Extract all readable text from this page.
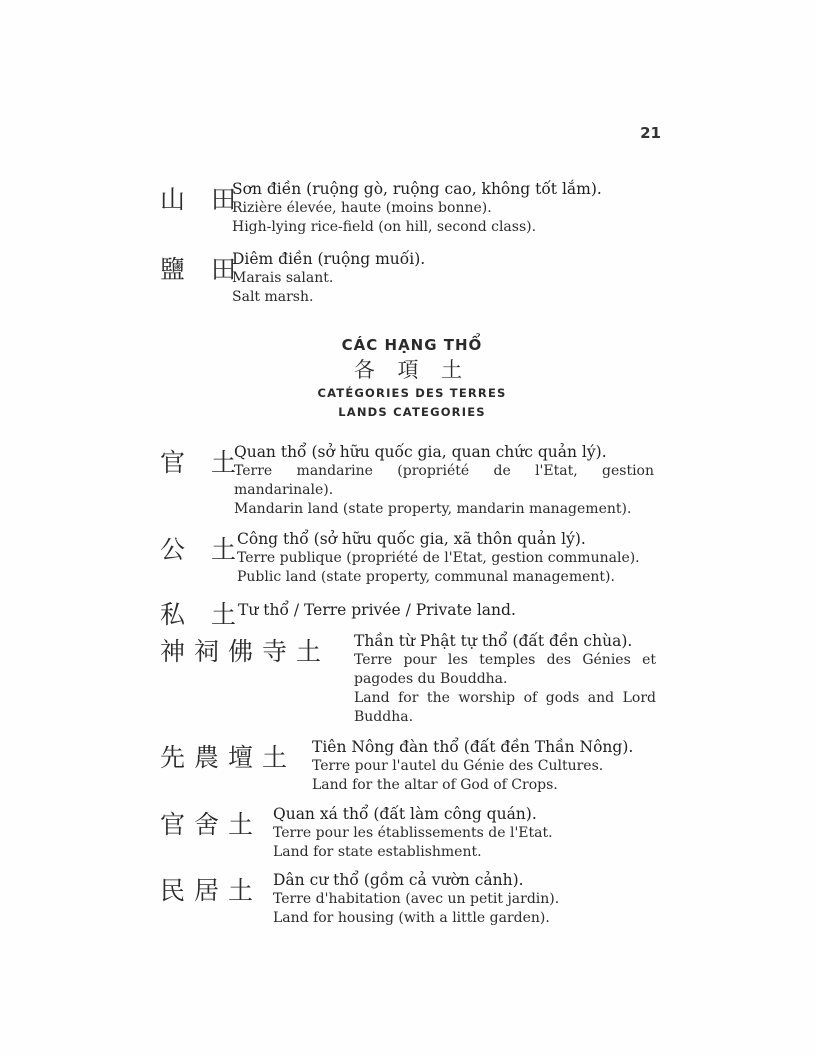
21
山 田
Sơn điền (ruộng gò, ruộng cao, không tốt lắm).
Rizière élevée, haute (moins bonne).
High-lying rice-field (on hill, second class).
鹽 田
Diêm điền (ruộng muối).
Marais salant.
Salt marsh.
CÁC HẠNG THỔ
各 項 土
CATÉGORIES DES TERRES
LANDS CATEGORIES
官 土
Quan thổ (sở hữu quốc gia, quan chức quản lý).
Terre mandarine (propriété de l'Etat, gestion mandarinale).
Mandarin land (state property, mandarin management).
公 土
Công thổ (sở hữu quốc gia, xã thôn quản lý).
Terre publique (propriété de l'Etat, gestion communale).
Public land (state property, communal management).
私 土
Tư thổ / Terre privée / Private land.
神祠佛寺土 Thần từ Phật tự thổ (đất đền chùa).
Terre pour les temples des Génies et pagodes du Bouddha.
Land for the worship of gods and Lord Buddha.
先農壇土 Tiên Nông đàn thổ (đất đền Thần Nông).
Terre pour l'autel du Génie des Cultures.
Land for the altar of God of Crops.
官舍土 Quan xá thổ (đất làm công quán).
Terre pour les établissements de l'Etat.
Land for state establishment.
民居土 Dân cư thổ (gồm cả vườn cảnh).
Terre d'habitation (avec un petit jardin).
Land for housing (with a little garden).
